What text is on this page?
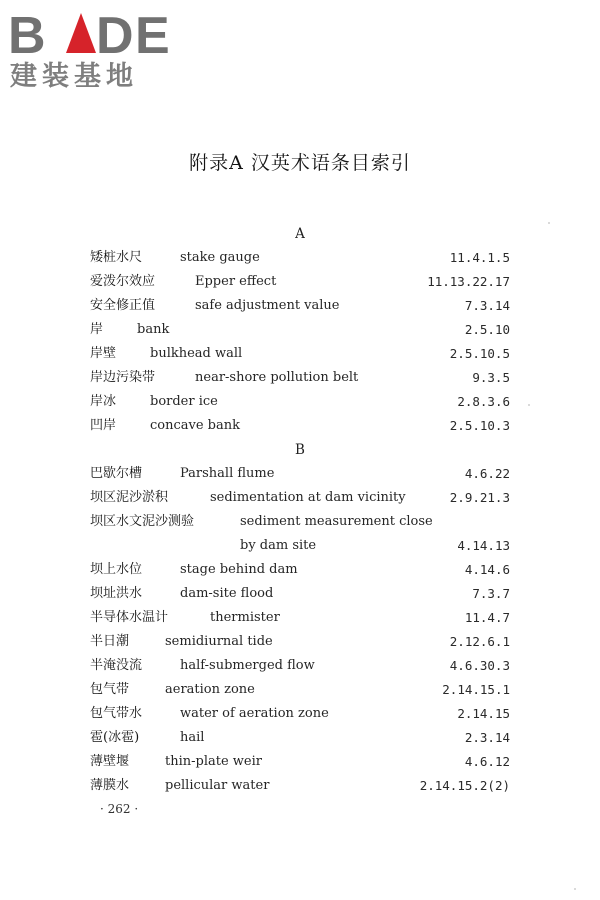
B D E
建装基地
附录A 汉英术语条目索引
A
矮桩水尺	stake gauge	11.4.1.5
爱泼尔效应	Epper effect	11.13.22.17
安全修正值	safe adjustment value	7.3.14
岸	bank	2.5.10
岸壁	bulkhead wall	2.5.10.5
岸边污染带	near-shore pollution belt	9.3.5
岸冰	border ice	2.8.3.6
凹岸	concave bank	2.5.10.3
B
巴歇尔槽	Parshall flume	4.6.22
坝区泥沙淤积	sedimentation at dam vicinity	2.9.21.3
坝区水文泥沙测验	sediment measurement close
by dam site	4.14.13
坝上水位	stage behind dam	4.14.6
坝址洪水	dam-site flood	7.3.7
半导体水温计	thermister	11.4.7
半日潮	semidiurnal tide	2.12.6.1
半淹没流	half-submerged flow	4.6.30.3
包气带	aeration zone	2.14.15.1
包气带水	water of aeration zone	2.14.15
雹(冰雹)	hail	2.3.14
薄壁堰	thin-plate weir	4.6.12
薄膜水	pellicular water	2.14.15.2(2)
· 262 ·
